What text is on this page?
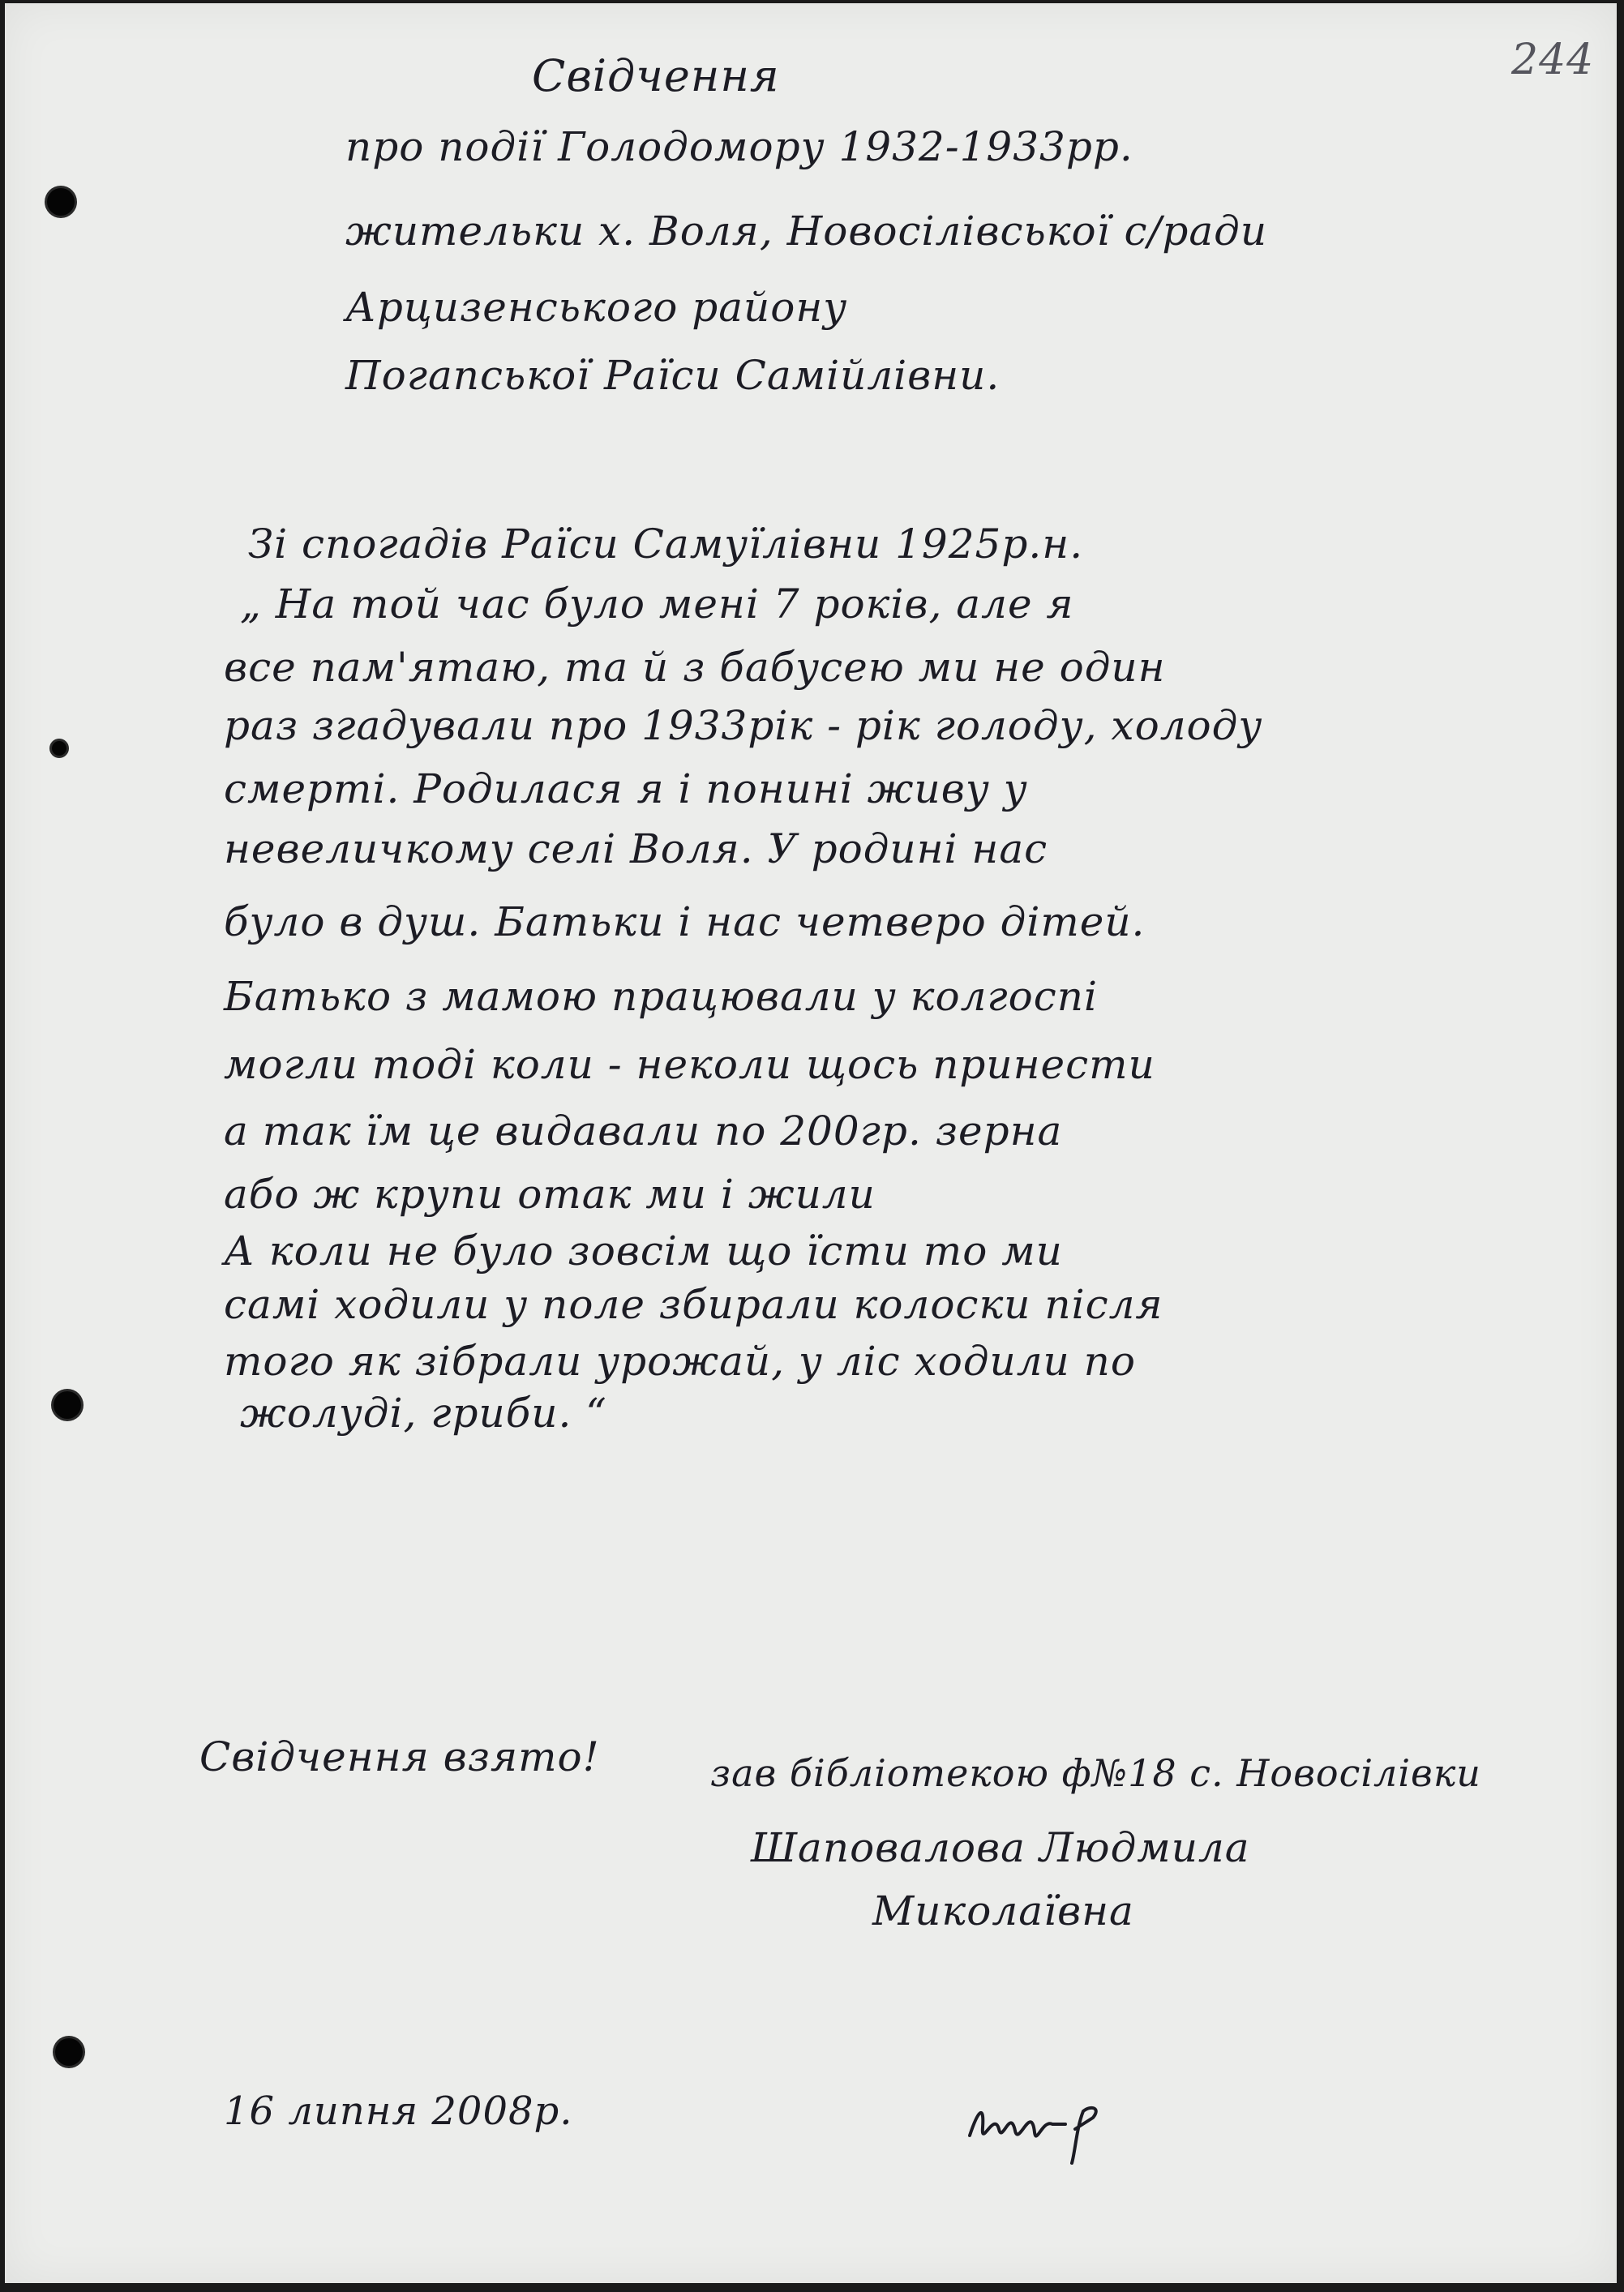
244
Свідчення
про події Голодомору 1932-1933рр.
жительки х. Воля, Новосілівської с/ради
Арцизенського району
Погапської Раїси Самійлівни.
Зі спогадів Раїси Самуїлівни 1925р.н.
„ На той час було мені 7 років, але я
все пам'ятаю, та й з бабусею ми не один
раз згадували про 1933рік - рік голоду, холоду
смерті. Родилася я і понині живу у
невеличкому селі Воля. У родині нас
було в душ. Батьки і нас четверо дітей.
Батько з мамою працювали у колгоспі
могли тоді коли - неколи щось принести
а так їм це видавали по 200гр. зерна
або ж крупи отак ми і жили
А коли не було зовсім що їсти то ми
самі ходили у поле збирали колоски після
того як зібрали урожай, у ліс ходили по
жолуді, гриби. “
Свідчення взято!	зав бібліотекою ф№18 с. Новосілівки
Шаповалова Людмила
Миколаївна
16 липня 2008р.
